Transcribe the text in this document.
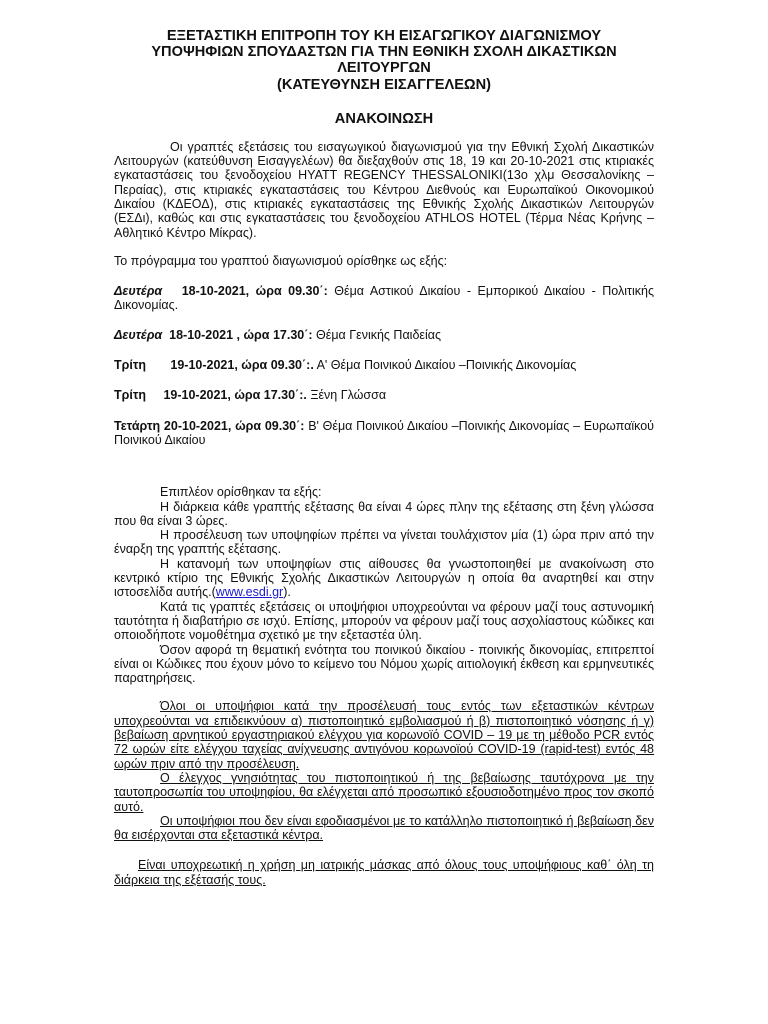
ΕΞΕΤΑΣΤΙΚΗ ΕΠΙΤΡΟΠΗ ΤΟΥ ΚΗ ΕΙΣΑΓΩΓΙΚΟΥ ΔΙΑΓΩΝΙΣΜΟΥ
ΥΠΟΨΗΦΙΩΝ ΣΠΟΥΔΑΣΤΩΝ ΓΙΑ ΤΗΝ ΕΘΝΙΚΗ ΣΧΟΛΗ ΔΙΚΑΣΤΙΚΩΝ
ΛΕΙΤΟΥΡΓΩΝ
(ΚΑΤΕΥΘΥΝΣΗ ΕΙΣΑΓΓΕΛΕΩΝ)
ΑΝΑΚΟΙΝΩΣΗ

Οι γραπτές εξετάσεις του εισαγωγικού διαγωνισμού για την Εθνική Σχολή Δικαστικών Λειτουργών (κατεύθυνση Εισαγγελέων) θα διεξαχθούν στις 18, 19 και 20-10-2021 στις κτιριακές εγκαταστάσεις του ξενοδοχείου HYATT REGENCY THESSALONIKI(13ο χλμ Θεσσαλονίκης – Περαίας), στις κτιριακές εγκαταστάσεις του Κέντρου Διεθνούς και Ευρωπαϊκού Οικονομικού Δικαίου (ΚΔΕΟΔ), στις κτιριακές εγκαταστάσεις της Εθνικής Σχολής Δικαστικών Λειτουργών (ΕΣΔι), καθώς και στις εγκαταστάσεις του ξενοδοχείου ATHLOS HOTEL (Τέρμα Νέας Κρήνης –Αθλητικό Κέντρο Μίκρας).

Το πρόγραμμα του γραπτού διαγωνισμού ορίσθηκε ως εξής:

Δευτέρα 18-10-2021, ώρα 09.30΄: Θέμα Αστικού Δικαίου - Εμπορικού Δικαίου - Πολιτικής Δικονομίας.

Δευτέρα 18-10-2021 , ώρα 17.30΄: Θέμα Γενικής Παιδείας

Τρίτη 19-10-2021, ώρα 09.30΄:. Α' Θέμα Ποινικού Δικαίου –Ποινικής Δικονομίας

Τρίτη 19-10-2021, ώρα 17.30΄:. Ξένη Γλώσσα

Τετάρτη 20-10-2021, ώρα 09.30΄: Β' Θέμα Ποινικού Δικαίου –Ποινικής Δικονομίας – Ευρωπαϊκού Ποινικού Δικαίου

Επιπλέον ορίσθηκαν τα εξής:

Η διάρκεια κάθε γραπτής εξέτασης θα είναι 4 ώρες πλην της εξέτασης στη ξένη γλώσσα που θα είναι 3 ώρες.

Η προσέλευση των υποψηφίων πρέπει να γίνεται τουλάχιστον μία (1) ώρα πριν από την έναρξη της γραπτής εξέτασης.

Η κατανομή των υποψηφίων στις αίθουσες θα γνωστοποιηθεί με ανακοίνωση στο κεντρικό κτίριο της Εθνικής Σχολής Δικαστικών Λειτουργών η οποία θα αναρτηθεί και στην ιστοσελίδα αυτής.(www.esdi.gr).

Κατά τις γραπτές εξετάσεις οι υποψήφιοι υποχρεούνται να φέρουν μαζί τους αστυνομική ταυτότητα ή διαβατήριο σε ισχύ. Επίσης, μπορούν να φέρουν μαζί τους ασχολίαστους κώδικες και οποιοδήποτε νομοθέτημα σχετικό με την εξεταστέα ύλη.

Όσον αφορά τη θεματική ενότητα του ποινικού δικαίου - ποινικής δικονομίας, επιτρεπτοί είναι οι Κώδικες που έχουν μόνο το κείμενο του Νόμου χωρίς αιτιολογική έκθεση και ερμηνευτικές παρατηρήσεις.

Όλοι οι υποψήφιοι κατά την προσέλευσή τους εντός των εξεταστικών κέντρων υποχρεούνται να επιδεικνύουν α) πιστοποιητικό εμβολιασμού ή β) πιστοποιητικό νόσησης ή γ) βεβαίωση αρνητικού εργαστηριακού ελέγχου για κορωνοϊό COVID – 19 με τη μέθοδο PCR εντός 72 ωρών είτε ελέγχου ταχείας ανίχνευσης αντιγόνου κορωνοϊού COVID-19 (rapid-test) εντός 48 ωρών πριν από την προσέλευση.

Ο έλεγχος γνησιότητας του πιστοποιητικού ή της βεβαίωσης ταυτόχρονα με την ταυτοπροσωπία του υποψηφίου, θα ελέγχεται από προσωπικό εξουσιοδοτημένο προς τον σκοπό αυτό.

Οι υποψήφιοι που δεν είναι εφοδιασμένοι με το κατάλληλο πιστοποιητικό ή βεβαίωση δεν θα εισέρχονται στα εξεταστικά κέντρα.

Είναι υποχρεωτική η χρήση μη ιατρικής μάσκας από όλους τους υποψήφιους καθ΄ όλη τη διάρκεια της εξέτασής τους.
